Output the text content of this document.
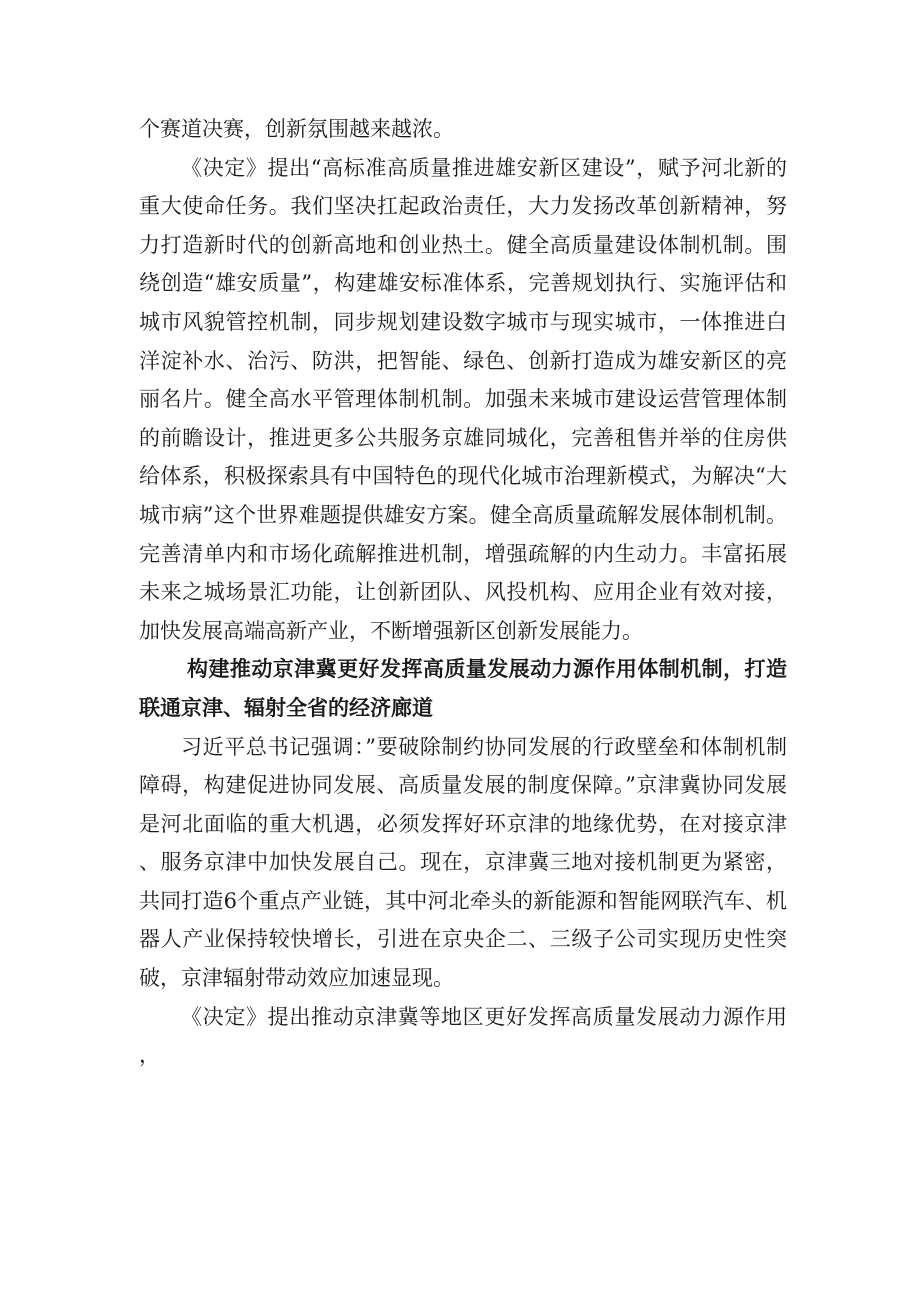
个赛道决赛，创新氛围越来越浓。

《决定》提出“高标准高质量推进雄安新区建设”，赋予河北新的重大使命任务。我们坚决扛起政治责任，大力发扬改革创新精神，努力打造新时代的创新高地和创业热土。健全高质量建设体制机制。围绕创造“雄安质量”，构建雄安标准体系，完善规划执行、实施评估和城市风貌管控机制，同步规划建设数字城市与现实城市，一体推进白洋淀补水、治污、防洪，把智能、绿色、创新打造成为雄安新区的亮丽名片。健全高水平管理体制机制。加强未来城市建设运营管理体制的前瞻设计，推进更多公共服务京雄同城化，完善租售并举的住房供给体系，积极探索具有中国特色的现代化城市治理新模式，为解决“大城市病”这个世界难题提供雄安方案。健全高质量疏解发展体制机制。完善清单内和市场化疏解推进机制，增强疏解的内生动力。丰富拓展未来之城场景汇功能，让创新团队、风投机构、应用企业有效对接，加快发展高端高新产业，不断增强新区创新发展能力。

构建推动京津冀更好发挥高质量发展动力源作用体制机制，打造联通京津、辐射全省的经济廊道

习近平总书记强调：”要破除制约协同发展的行政壁垒和体制机制障碍，构建促进协同发展、高质量发展的制度保障。”京津冀协同发展是河北面临的重大机遇，必须发挥好环京津的地缘优势，在对接京津、服务京津中加快发展自己。现在，京津冀三地对接机制更为紧密，共同打造6个重点产业链，其中河北牵头的新能源和智能网联汽车、机器人产业保持较快增长，引进在京央企二、三级子公司实现历史性突破，京津辐射带动效应加速显现。

《决定》提出推动京津冀等地区更好发挥高质量发展动力源作用，
